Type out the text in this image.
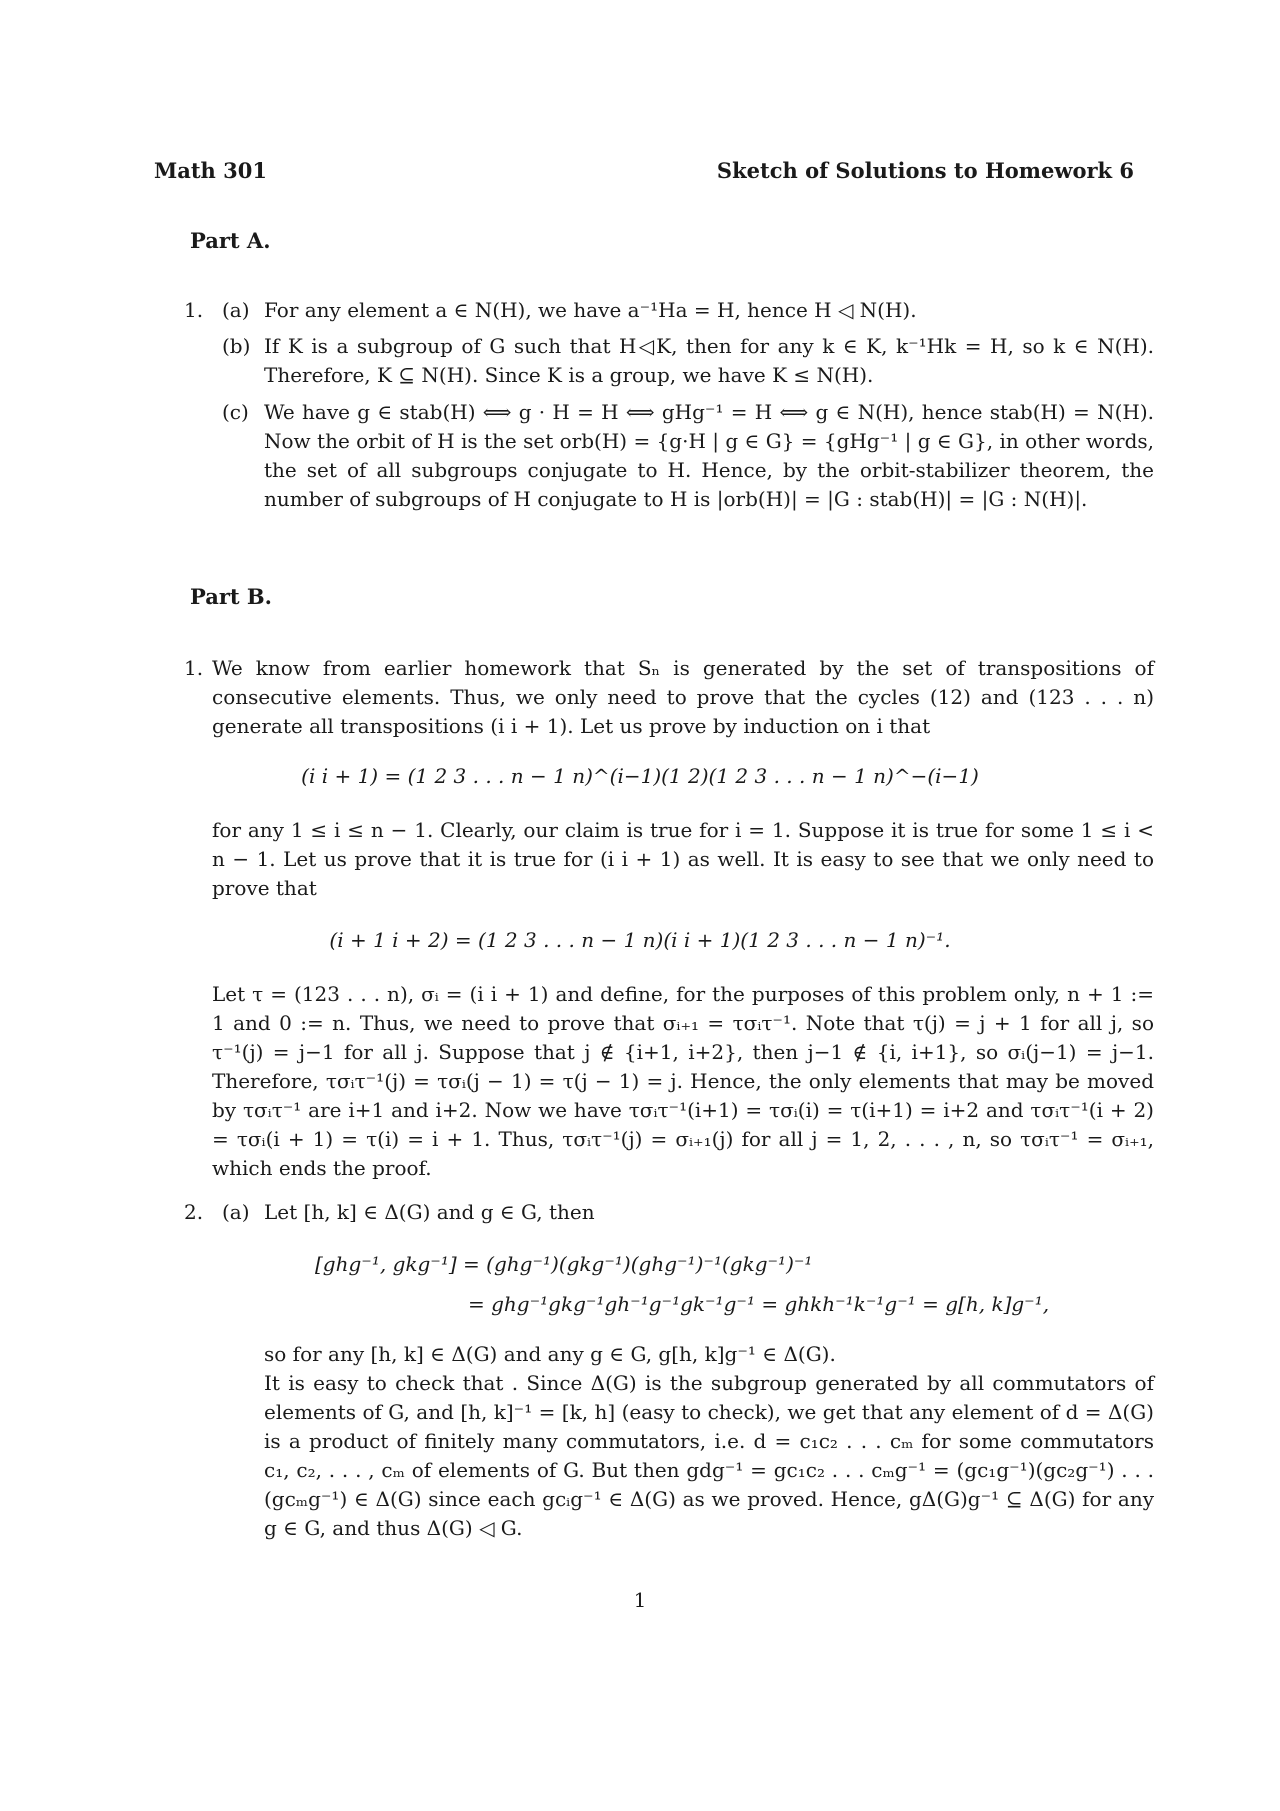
Math 301	Sketch of Solutions to Homework 6
Part A.
1. (a) For any element a ∈ N(H), we have a⁻¹Ha = H, hence H ◁ N(H).
(b) If K is a subgroup of G such that H◁K, then for any k ∈ K, k⁻¹Hk = H, so k ∈ N(H). Therefore, K ⊆ N(H). Since K is a group, we have K ≤ N(H).
(c) We have g ∈ stab(H) ⟺ g · H = H ⟺ gHg⁻¹ = H ⟺ g ∈ N(H), hence stab(H) = N(H). Now the orbit of H is the set orb(H) = {g·H | g ∈ G} = {gHg⁻¹ | g ∈ G}, in other words, the set of all subgroups conjugate to H. Hence, by the orbit-stabilizer theorem, the number of subgroups of H conjugate to H is |orb(H)| = |G : stab(H)| = |G : N(H)|.
Part B.
1. We know from earlier homework that Sₙ is generated by the set of transpositions of consecutive elements. Thus, we only need to prove that the cycles (12) and (123 . . . n) generate all transpositions (i i + 1). Let us prove by induction on i that
(i i + 1) = (1 2 3 . . . n − 1 n)^(i−1)(1 2)(1 2 3 . . . n − 1 n)^−(i−1)
for any 1 ≤ i ≤ n − 1. Clearly, our claim is true for i = 1. Suppose it is true for some 1 ≤ i < n − 1. Let us prove that it is true for (i i + 1) as well. It is easy to see that we only need to prove that
(i + 1 i + 2) = (1 2 3 . . . n − 1 n)(i i + 1)(1 2 3 . . . n − 1 n)⁻¹.
Let τ = (123 . . . n), σᵢ = (i i + 1) and define, for the purposes of this problem only, n + 1 := 1 and 0 := n. Thus, we need to prove that σᵢ₊₁ = τσᵢτ⁻¹. Note that τ(j) = j + 1 for all j, so τ⁻¹(j) = j−1 for all j. Suppose that j ∉ {i+1, i+2}, then j−1 ∉ {i, i+1}, so σᵢ(j−1) = j−1. Therefore, τσᵢτ⁻¹(j) = τσᵢ(j − 1) = τ(j − 1) = j. Hence, the only elements that may be moved by τσᵢτ⁻¹ are i+1 and i+2. Now we have τσᵢτ⁻¹(i+1) = τσᵢ(i) = τ(i+1) = i+2 and τσᵢτ⁻¹(i + 2) = τσᵢ(i + 1) = τ(i) = i + 1. Thus, τσᵢτ⁻¹(j) = σᵢ₊₁(j) for all j = 1, 2, . . . , n, so τσᵢτ⁻¹ = σᵢ₊₁, which ends the proof.
2. (a) Let [h, k] ∈ Δ(G) and g ∈ G, then
[ghg⁻¹, gkg⁻¹] = (ghg⁻¹)(gkg⁻¹)(ghg⁻¹)⁻¹(gkg⁻¹)⁻¹
= ghg⁻¹gkg⁻¹gh⁻¹g⁻¹gk⁻¹g⁻¹ = ghkh⁻¹k⁻¹g⁻¹ = g[h, k]g⁻¹,
so for any [h, k] ∈ Δ(G) and any g ∈ G, g[h, k]g⁻¹ ∈ Δ(G).
It is easy to check that . Since Δ(G) is the subgroup generated by all commutators of elements of G, and [h, k]⁻¹ = [k, h] (easy to check), we get that any element of d = Δ(G) is a product of finitely many commutators, i.e. d = c₁c₂ . . . cₘ for some commutators c₁, c₂, . . . , cₘ of elements of G. But then gdg⁻¹ = gc₁c₂ . . . cₘg⁻¹ = (gc₁g⁻¹)(gc₂g⁻¹) . . . (gcₘg⁻¹) ∈ Δ(G) since each gcᵢg⁻¹ ∈ Δ(G) as we proved. Hence, gΔ(G)g⁻¹ ⊆ Δ(G) for any g ∈ G, and thus Δ(G) ◁ G.
1
